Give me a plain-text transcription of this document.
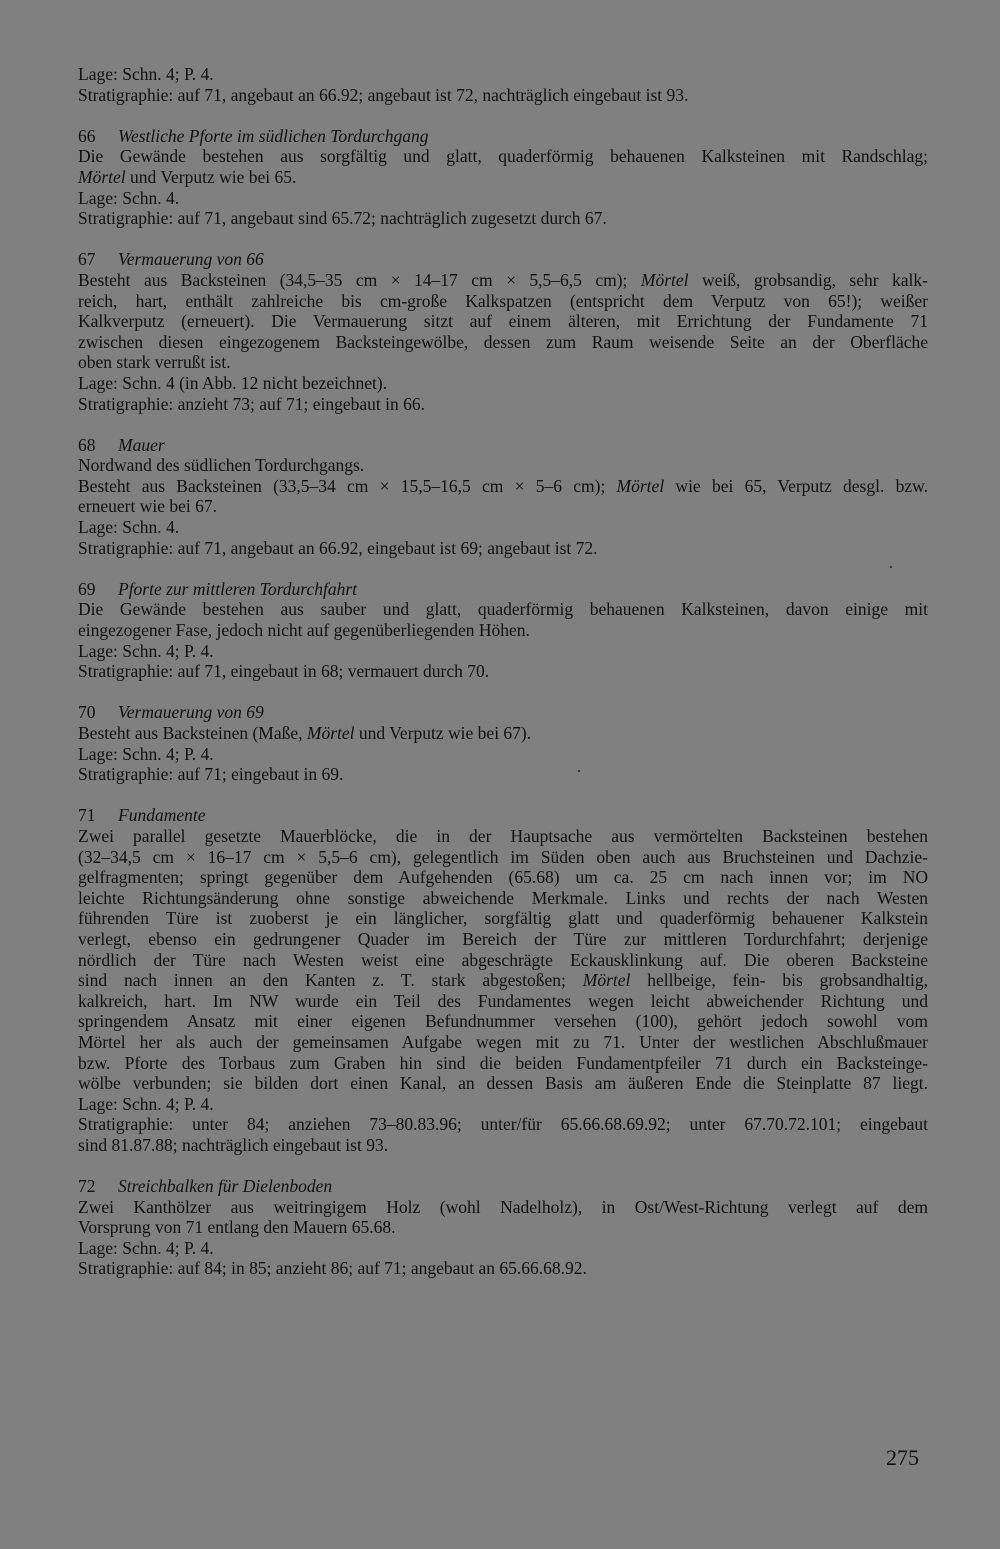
Lage: Schn. 4; P. 4.
Stratigraphie: auf 71, angebaut an 66.92; angebaut ist 72, nachträglich eingebaut ist 93.
66 Westliche Pforte im südlichen Tordurchgang
Die Gewände bestehen aus sorgfältig und glatt, quaderförmig behauenen Kalksteinen mit Randschlag;
Mörtel und Verputz wie bei 65.
Lage: Schn. 4.
Stratigraphie: auf 71, angebaut sind 65.72; nachträglich zugesetzt durch 67.
67 Vermauerung von 66
Besteht aus Backsteinen (34,5–35 cm × 14–17 cm × 5,5–6,5 cm); Mörtel weiß, grobsandig, sehr kalk-
reich, hart, enthält zahlreiche bis cm-große Kalkspatzen (entspricht dem Verputz von 65!); weißer
Kalkverputz (erneuert). Die Vermauerung sitzt auf einem älteren, mit Errichtung der Fundamente 71
zwischen diesen eingezogenem Backsteingewölbe, dessen zum Raum weisende Seite an der Oberfläche
oben stark verrußt ist.
Lage: Schn. 4 (in Abb. 12 nicht bezeichnet).
Stratigraphie: anzieht 73; auf 71; eingebaut in 66.
68 Mauer
Nordwand des südlichen Tordurchgangs.
Besteht aus Backsteinen (33,5–34 cm × 15,5–16,5 cm × 5–6 cm); Mörtel wie bei 65, Verputz desgl. bzw.
erneuert wie bei 67.
Lage: Schn. 4.
Stratigraphie: auf 71, angebaut an 66.92, eingebaut ist 69; angebaut ist 72.
69 Pforte zur mittleren Tordurchfahrt
Die Gewände bestehen aus sauber und glatt, quaderförmig behauenen Kalksteinen, davon einige mit
eingezogener Fase, jedoch nicht auf gegenüberliegenden Höhen.
Lage: Schn. 4; P. 4.
Stratigraphie: auf 71, eingebaut in 68; vermauert durch 70.
70 Vermauerung von 69
Besteht aus Backsteinen (Maße, Mörtel und Verputz wie bei 67).
Lage: Schn. 4; P. 4.
Stratigraphie: auf 71; eingebaut in 69.
71 Fundamente
Zwei parallel gesetzte Mauerblöcke, die in der Hauptsache aus vermörtelten Backsteinen bestehen
(32–34,5 cm × 16–17 cm × 5,5–6 cm), gelegentlich im Süden oben auch aus Bruchsteinen und Dachzie-
gelfragmenten; springt gegenüber dem Aufgehenden (65.68) um ca. 25 cm nach innen vor; im NO
leichte Richtungsänderung ohne sonstige abweichende Merkmale. Links und rechts der nach Westen
führenden Türe ist zuoberst je ein länglicher, sorgfältig glatt und quaderförmig behauener Kalkstein
verlegt, ebenso ein gedrungener Quader im Bereich der Türe zur mittleren Tordurchfahrt; derjenige
nördlich der Türe nach Westen weist eine abgeschrägte Eckausklinkung auf. Die oberen Backsteine
sind nach innen an den Kanten z. T. stark abgestoßen; Mörtel hellbeige, fein- bis grobsandhaltig,
kalkreich, hart. Im NW wurde ein Teil des Fundamentes wegen leicht abweichender Richtung und
springendem Ansatz mit einer eigenen Befundnummer versehen (100), gehört jedoch sowohl vom
Mörtel her als auch der gemeinsamen Aufgabe wegen mit zu 71. Unter der westlichen Abschlußmauer
bzw. Pforte des Torbaus zum Graben hin sind die beiden Fundamentpfeiler 71 durch ein Backsteinge-
wölbe verbunden; sie bilden dort einen Kanal, an dessen Basis am äußeren Ende die Steinplatte 87 liegt.
Lage: Schn. 4; P. 4.
Stratigraphie: unter 84; anziehen 73–80.83.96; unter/für 65.66.68.69.92; unter 67.70.72.101; eingebaut
sind 81.87.88; nachträglich eingebaut ist 93.
72 Streichbalken für Dielenboden
Zwei Kanthölzer aus weitringigem Holz (wohl Nadelholz), in Ost/West-Richtung verlegt auf dem
Vorsprung von 71 entlang den Mauern 65.68.
Lage: Schn. 4; P. 4.
Stratigraphie: auf 84; in 85; anzieht 86; auf 71; angebaut an 65.66.68.92.
275
